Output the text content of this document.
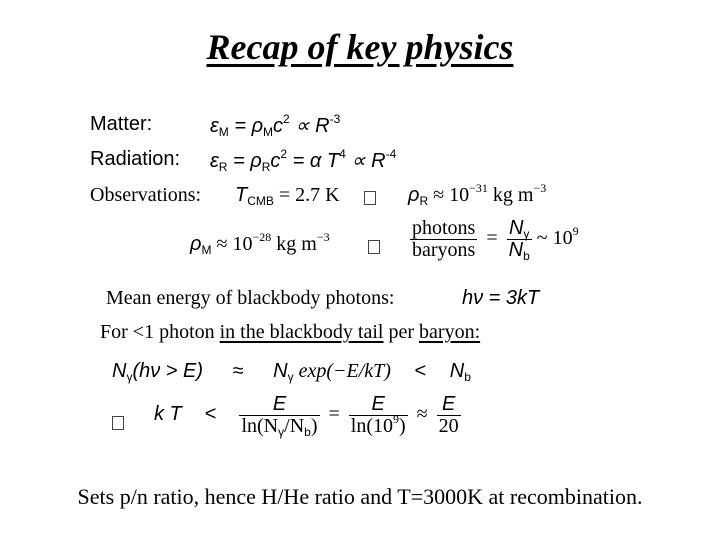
Recap of key physics
Matter:	$\varepsilon_M = \rho_Mc^2 \propto R^{-3}$
Radiation: $\varepsilon_R = \rho_Rc^2 = \alpha$ $T^4 \propto R^{-4}$
Observations: $T_{CMB} = 2.7$ K	$\rho_R \approx 10^{-31}$ kg $m^{-3}$
$\rho_M \approx 10^{-28}$ kg $m^{-3}$	$\frac{\text{photons}}{\text{baryons}} = \frac{N_\gamma}{N_b}$ ~ $10^9$
Mean energy of blackbody photons:	hν = 3kT
For <1 photon in the blackbody tail per baryon:
$N_\gamma(h\nu > E) \approx N_\gamma$ $\exp(-E/kT) < N_b$
k $T < \frac{E}{\ln(N_\gamma/N_b)} = \frac{E}{\ln(10^9)} \approx \frac{E}{20}$
Sets p/n ratio, hence H/He ratio and T=3000K at recombination.
